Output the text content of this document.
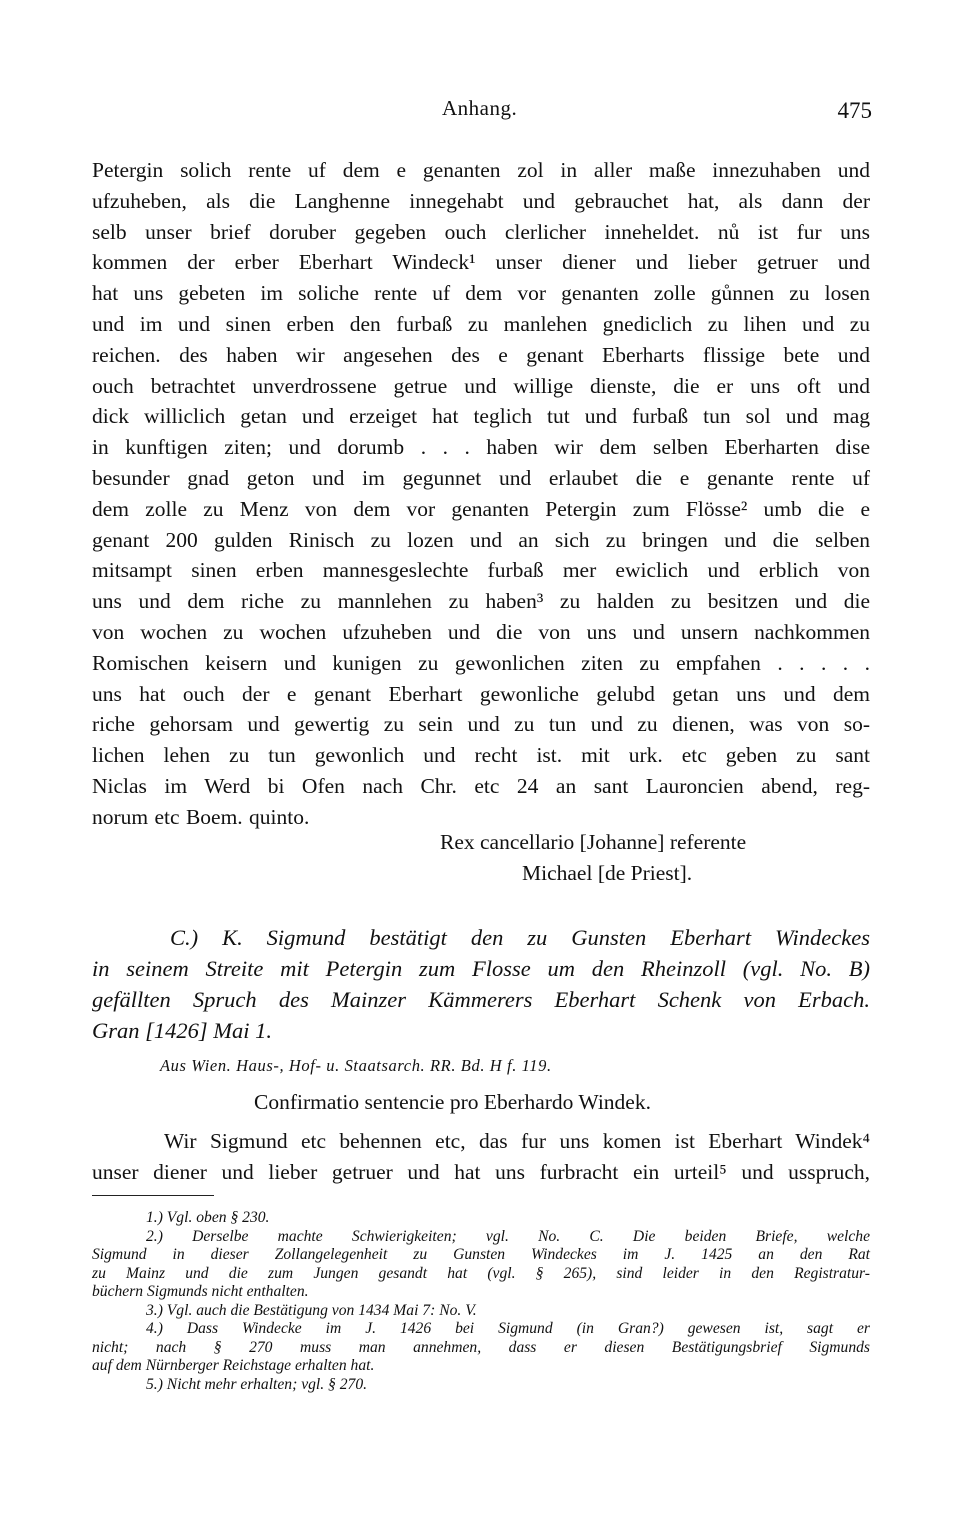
Anhang.	475
Petergin solich rente uf dem e genanten zol in aller maße innezuhaben und
ufzuheben, als die Langhenne innegehabt und gebrauchet hat, als dann der
selb unser brief doruber gegeben ouch clerlicher inneheldet. nů ist fur uns
kommen der erber Eberhart Windeck¹ unser diener und lieber getruer und
hat uns gebeten im soliche rente uf dem vor genanten zolle gůnnen zu losen
und im und sinen erben den furbaß zu manlehen gnediclich zu lihen und zu
reichen. des haben wir angesehen des e genant Eberharts flissige bete und
ouch betrachtet unverdrossene getrue und willige dienste, die er uns oft und
dick williclich getan und erzeiget hat teglich tut und furbaß tun sol und mag
in kunftigen ziten; und dorumb . . . haben wir dem selben Eberharten dise
besunder gnad geton und im gegunnet und erlaubet die e genante rente uf
dem zolle zu Menz von dem vor genanten Petergin zum Flösse² umb die e
genant 200 gulden Rinisch zu lozen und an sich zu bringen und die selben
mitsampt sinen erben mannesgeslechte furbaß mer ewiclich und erblich von
uns und dem riche zu mannlehen zu haben³ zu halden zu besitzen und die
von wochen zu wochen ufzuheben und die von uns und unsern nachkommen
Romischen keisern und kunigen zu gewonlichen ziten zu empfahen . . . . .
uns hat ouch der e genant Eberhart gewonliche gelubd getan uns und dem
riche gehorsam und gewertig zu sein und zu tun und zu dienen, was von so-
lichen lehen zu tun gewonlich und recht ist. mit urk. etc geben zu sant
Niclas im Werd bi Ofen nach Chr. etc 24 an sant Lauroncien abend, reg-
norum etc Boem. quinto.
Rex cancellario [Johanne] referente
Michael [de Priest].
C.) K. Sigmund bestätigt den zu Gunsten Eberhart Windeckes
in seinem Streite mit Petergin zum Flosse um den Rheinzoll (vgl. No. B)
gefällten Spruch des Mainzer Kämmerers Eberhart Schenk von Erbach.
Gran [1426] Mai 1.
Aus Wien. Haus-, Hof- u. Staatsarch. RR. Bd. H f. 119.
Confirmatio sentencie pro Eberhardo Windek.
Wir Sigmund etc behennen etc, das fur uns komen ist Eberhart Windek⁴
unser diener und lieber getruer und hat uns furbracht ein urteil⁵ und usspruch,
1.) Vgl. oben § 230.
2.) Derselbe machte Schwierigkeiten; vgl. No. C. Die beiden Briefe, welche
Sigmund in dieser Zollangelegenheit zu Gunsten Windeckes im J. 1425 an den Rat
zu Mainz und die zum Jungen gesandt hat (vgl. § 265), sind leider in den Registratur-
büchern Sigmunds nicht enthalten.
3.) Vgl. auch die Bestätigung von 1434 Mai 7: No. V.
4.) Dass Windecke im J. 1426 bei Sigmund (in Gran?) gewesen ist, sagt er
nicht; nach § 270 muss man annehmen, dass er diesen Bestätigungsbrief Sigmunds
auf dem Nürnberger Reichstage erhalten hat.
5.) Nicht mehr erhalten; vgl. § 270.
